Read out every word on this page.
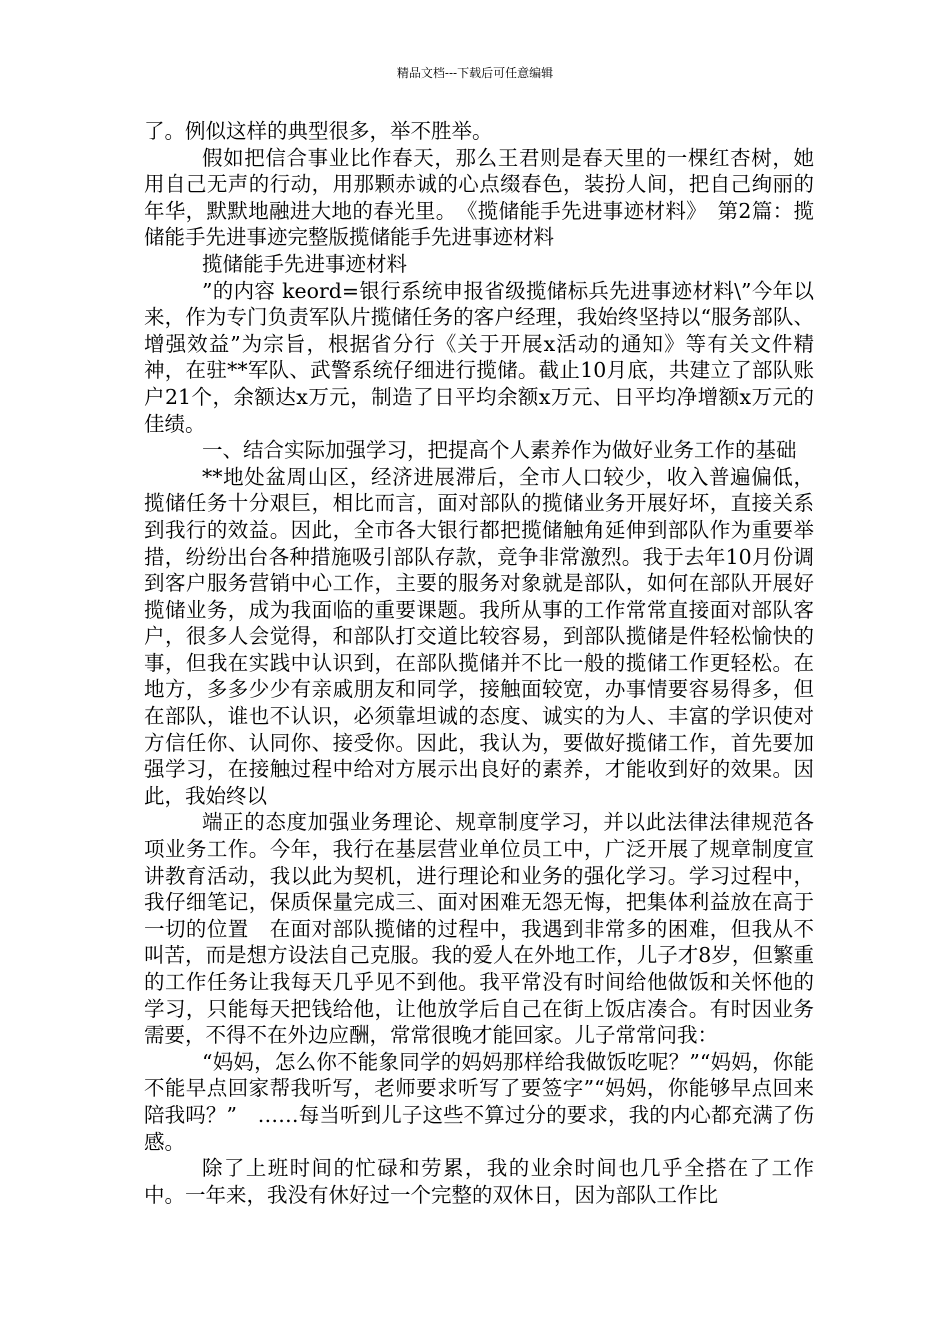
精品文档---下载后可任意编辑

了。例似这样的典型很多，举不胜举。

假如把信合事业比作春天，那么王君则是春天里的一棵红杏树，她用自己无声的行动，用那颗赤诚的心点缀春色，装扮人间，把自己绚丽的年华，默默地融进大地的春光里。　《揽储能手先进事迹材料》　第2篇：揽储能手先进事迹完整版揽储能手先进事迹材料

揽储能手先进事迹材料

”的内容 keord=银行系统申报省级揽储标兵先进事迹材料\”今年以来，作为专门负责军队片揽储任务的客户经理，我始终坚持以“服务部队、增强效益”为宗旨，根据省分行《关于开展x活动的通知》等有关文件精神，在驻**军队、武警系统仔细进行揽储。截止10月底，共建立了部队账户21个，余额达x万元，制造了日平均余额x万元、日平均净增额x万元的佳绩。

一、结合实际加强学习，把提高个人素养作为做好业务工作的基础

**地处盆周山区，经济进展滞后，全市人口较少，收入普遍偏低，揽储任务十分艰巨，相比而言，面对部队的揽储业务开展好坏，直接关系到我行的效益。因此，全市各大银行都把揽储触角延伸到部队作为重要举措，纷纷出台各种措施吸引部队存款，竞争非常激烈。我于去年10月份调到客户服务营销中心工作，主要的服务对象就是部队，如何在部队开展好揽储业务，成为我面临的重要课题。我所从事的工作常常直接面对部队客户，很多人会觉得，和部队打交道比较容易，到部队揽储是件轻松愉快的事，但我在实践中认识到，在部队揽储并不比一般的揽储工作更轻松。在地方，多多少少有亲戚朋友和同学，接触面较宽，办事情要容易得多，但在部队，谁也不认识，必须靠坦诚的态度、诚实的为人、丰富的学识使对方信任你、认同你、接受你。因此，我认为，要做好揽储工作，首先要加强学习，在接触过程中给对方展示出良好的素养，才能收到好的效果。因此，我始终以

端正的态度加强业务理论、规章制度学习，并以此法律法律规范各项业务工作。今年，我行在基层营业单位员工中，广泛开展了规章制度宣讲教育活动，我以此为契机，进行理论和业务的强化学习。学习过程中，我仔细笔记，保质保量完成三、面对困难无怨无悔，把集体利益放在高于一切的位置　在面对部队揽储的过程中，我遇到非常多的困难，但我从不叫苦，而是想方设法自己克服。我的爱人在外地工作，儿子才8岁，但繁重的工作任务让我每天几乎见不到他。我平常没有时间给他做饭和关怀他的学习，只能每天把钱给他，让他放学后自己在街上饭店凑合。有时因业务需要，不得不在外边应酬，常常很晚才能回家。儿子常常问我：

“妈妈，怎么你不能象同学的妈妈那样给我做饭吃呢？”“妈妈，你能不能早点回家帮我听写，老师要求听写了要签字”“妈妈，你能够早点回来陪我吗？”　……每当听到儿子这些不算过分的要求，我的内心都充满了伤感。

除了上班时间的忙碌和劳累，我的业余时间也几乎全搭在了工作中。一年来，我没有休好过一个完整的双休日，因为部队工作比
